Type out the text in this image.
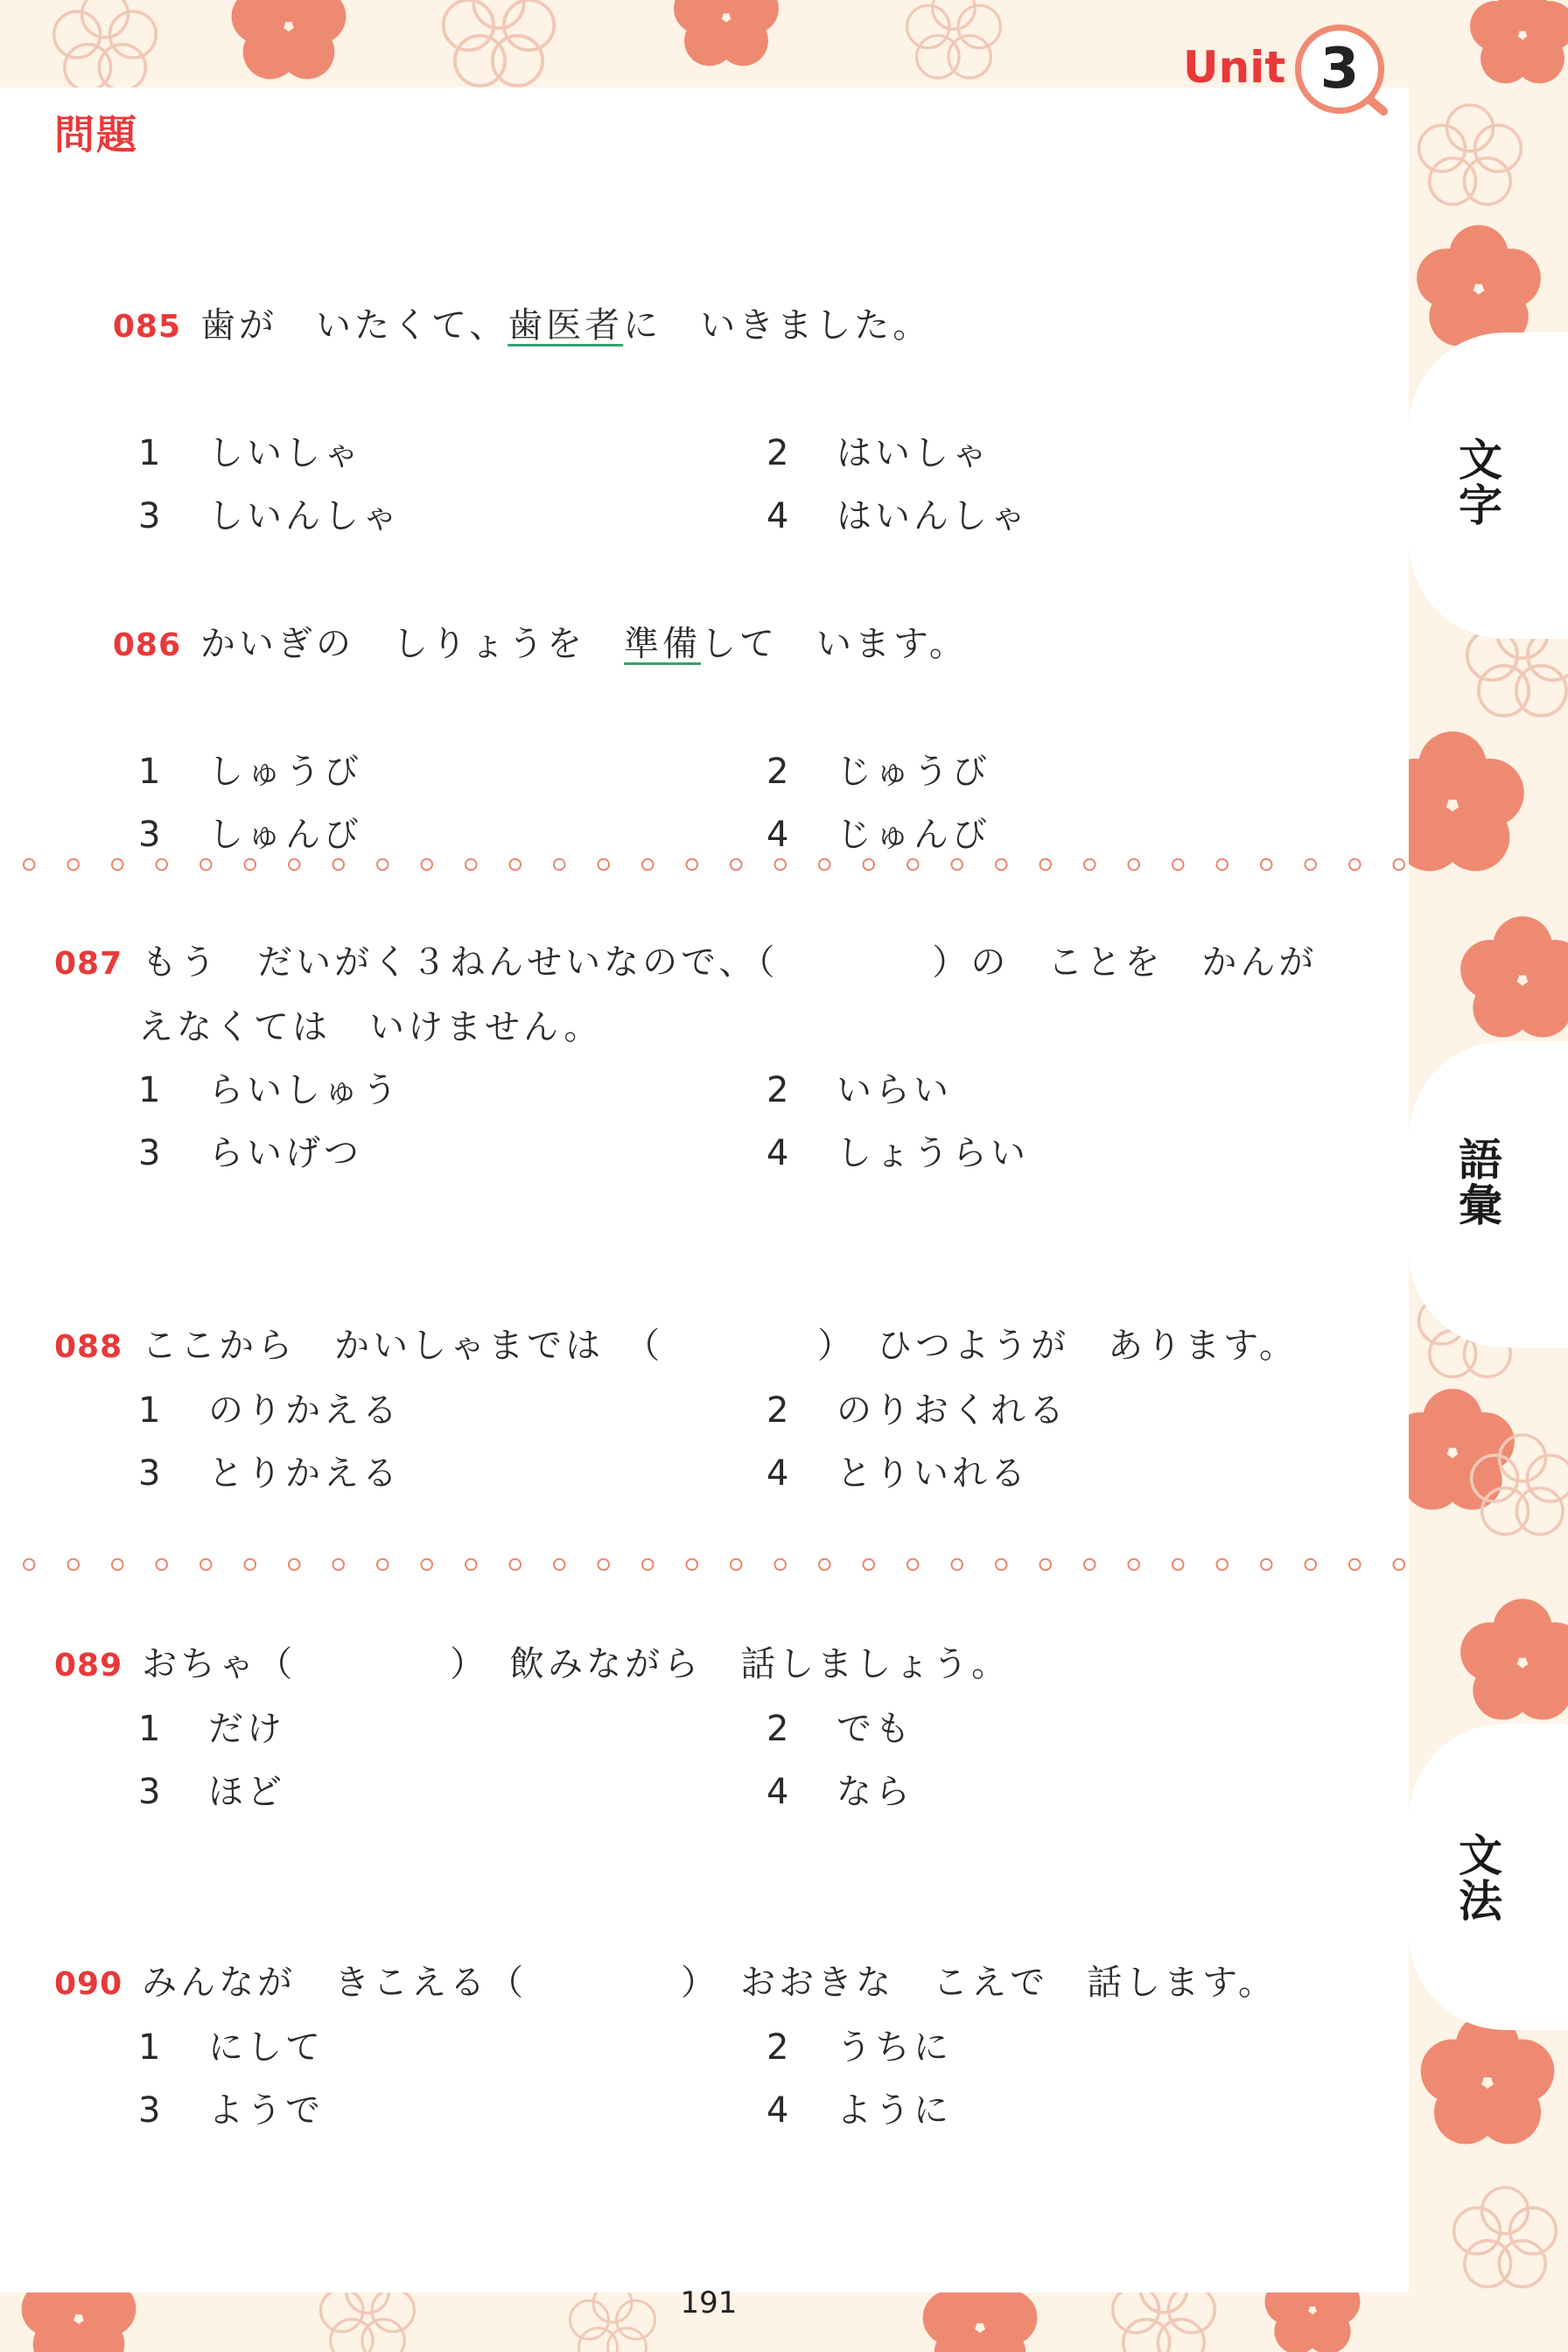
文
字
語
彙
文
法
問題
Unit 3

085 歯が　いたくて、歯医者に　いきました。

1 しいしゃ	2 はいしゃ
3 しいんしゃ	4 はいんしゃ

086 かいぎの　しりょうを　準備して　います。

1 しゅうび	2 じゅうび
3 しゅんび	4 じゅんび
087 もう　だいがく３ねんせいなので、（　　　　）の　ことを　かんが
えなくては　いけません。
1 らいしゅう	2 いらい
3 らいげつ	4 しょうらい
088 ここから　かいしゃまでは　（　　　　）　ひつようが　あります。
1 のりかえる	2 のりおくれる
3 とりかえる	4 とりいれる
089 おちゃ（　　　　）　飲みながら　話しましょう。
1 だけ	2 でも
3 ほど	4 なら
090 みんなが　きこえる（　　　　）　おおきな　こえで　話します。
1 にして	2 うちに
3 ようで	4 ように
191
